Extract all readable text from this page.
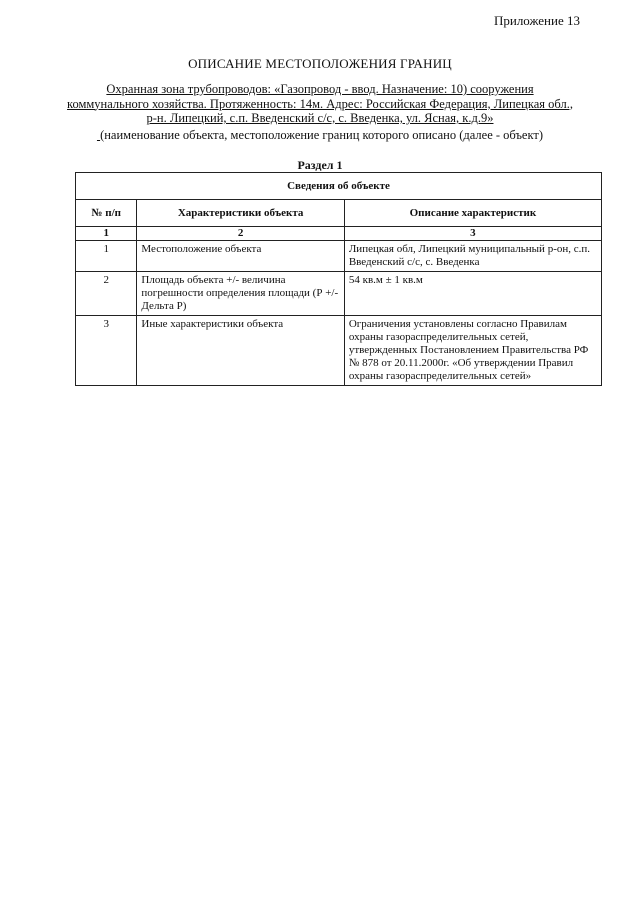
Приложение 13
ОПИСАНИЕ МЕСТОПОЛОЖЕНИЯ ГРАНИЦ
Охранная зона трубопроводов: «Газопровод - ввод. Назначение: 10) сооружения
коммунального хозяйства. Протяженность: 14м. Адрес: Российская Федерация, Липецкая обл.,
р-н. Липецкий, с.п. Введенский с/с, с. Введенка, ул. Ясная, к.д.9»
(наименование объекта, местоположение границ которого описано (далее - объект)
Раздел 1
Сведения об объекте		
№ п/п	Характеристики объекта	Описание характеристик
1	2	3
1	Местоположение объекта	Липецкая обл, Липецкий муниципальный р-он, с.п. Введенский с/с, с. Введенка
2	Площадь объекта +/- величина погрешности определения площади (Р +/- Дельта Р)	54 кв.м ± 1 кв.м
3	Иные характеристики объекта	Ограничения установлены согласно Правилам охраны газораспределительных сетей, утвержденных Постановлением Правительства РФ № 878 от 20.11.2000г. «Об утверждении Правил охраны газораспределительных сетей»
